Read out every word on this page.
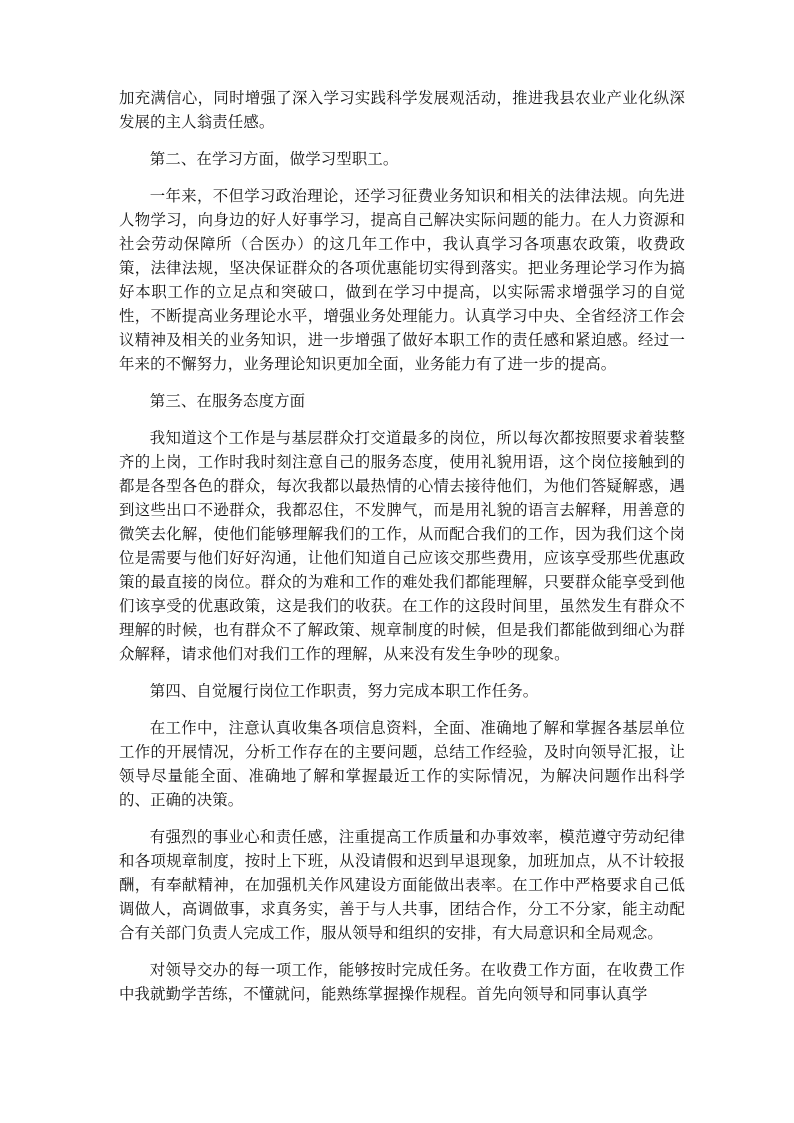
加充满信心，同时增强了深入学习实践科学发展观活动，推进我县农业产业化纵深发展的主人翁责任感。

第二、在学习方面，做学习型职工。

一年来，不但学习政治理论，还学习征费业务知识和相关的法律法规。向先进人物学习，向身边的好人好事学习，提高自己解决实际问题的能力。在人力资源和社会劳动保障所（合医办）的这几年工作中，我认真学习各项惠农政策，收费政策，法律法规，坚决保证群众的各项优惠能切实得到落实。把业务理论学习作为搞好本职工作的立足点和突破口，做到在学习中提高，以实际需求增强学习的自觉性，不断提高业务理论水平，增强业务处理能力。认真学习中央、全省经济工作会议精神及相关的业务知识，进一步增强了做好本职工作的责任感和紧迫感。经过一年来的不懈努力，业务理论知识更加全面，业务能力有了进一步的提高。

第三、在服务态度方面

我知道这个工作是与基层群众打交道最多的岗位，所以每次都按照要求着装整齐的上岗，工作时我时刻注意自己的服务态度，使用礼貌用语，这个岗位接触到的都是各型各色的群众，每次我都以最热情的心情去接待他们，为他们答疑解惑，遇到这些出口不逊群众，我都忍住，不发脾气，而是用礼貌的语言去解释，用善意的微笑去化解，使他们能够理解我们的工作，从而配合我们的工作，因为我们这个岗位是需要与他们好好沟通，让他们知道自己应该交那些费用，应该享受那些优惠政策的最直接的岗位。群众的为难和工作的难处我们都能理解，只要群众能享受到他们该享受的优惠政策，这是我们的收获。在工作的这段时间里，虽然发生有群众不理解的时候，也有群众不了解政策、规章制度的时候，但是我们都能做到细心为群众解释，请求他们对我们工作的理解，从来没有发生争吵的现象。

第四、自觉履行岗位工作职责，努力完成本职工作任务。

在工作中，注意认真收集各项信息资料，全面、准确地了解和掌握各基层单位工作的开展情况，分析工作存在的主要问题，总结工作经验，及时向领导汇报，让领导尽量能全面、准确地了解和掌握最近工作的实际情况，为解决问题作出科学的、正确的决策。

有强烈的事业心和责任感，注重提高工作质量和办事效率，模范遵守劳动纪律和各项规章制度，按时上下班，从没请假和迟到早退现象，加班加点，从不计较报酬，有奉献精神，在加强机关作风建设方面能做出表率。在工作中严格要求自己低调做人，高调做事，求真务实，善于与人共事，团结合作，分工不分家，能主动配合有关部门负责人完成工作，服从领导和组织的安排，有大局意识和全局观念。

对领导交办的每一项工作，能够按时完成任务。在收费工作方面，在收费工作中我就勤学苦练，不懂就问，能熟练掌握操作规程。首先向领导和同事认真学
